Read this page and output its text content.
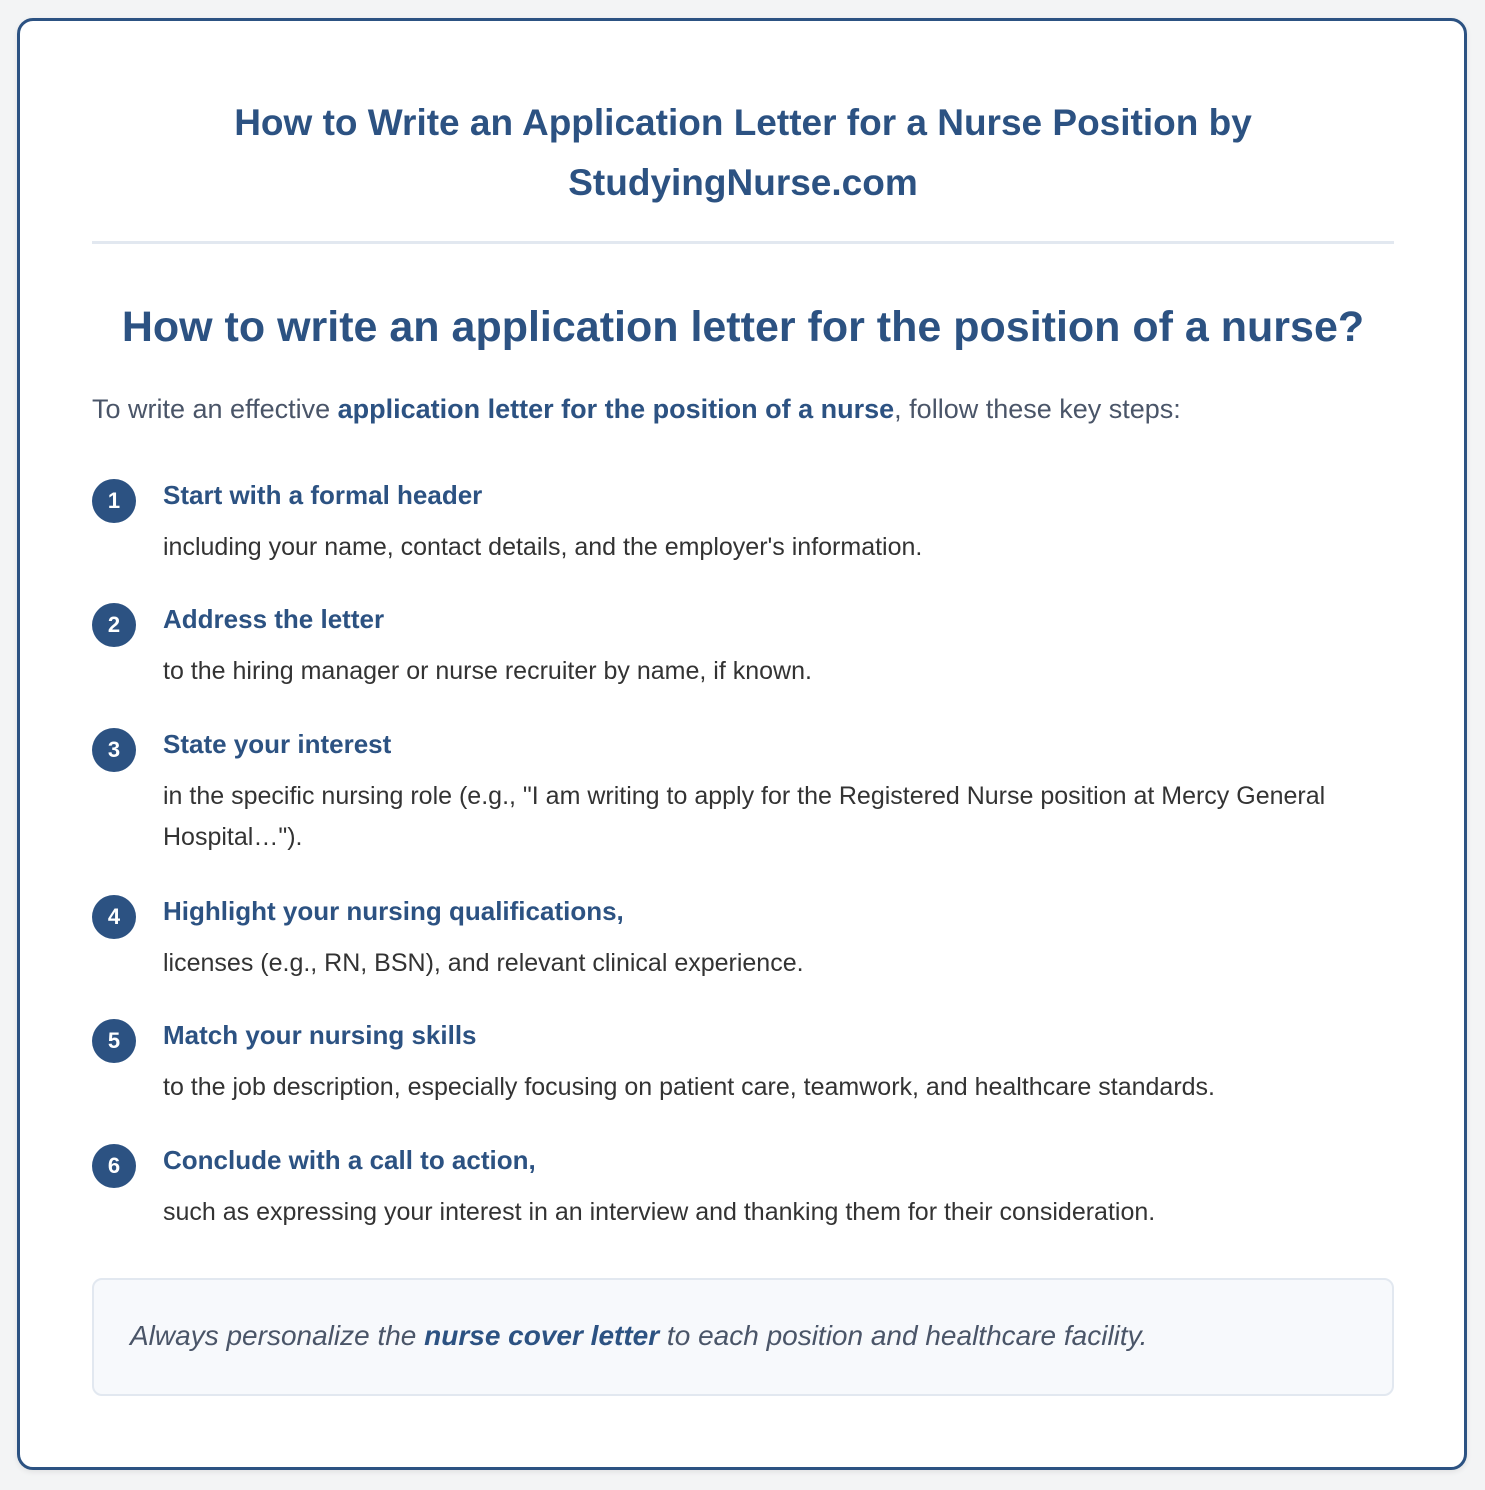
How to Write an Application Letter for a Nurse Position by
StudyingNurse.com
How to write an application letter for the position of a nurse?

To write an effective application letter for the position of a nurse, follow these key steps:

1	Start with a formal header
including your name, contact details, and the employer's information.
2	Address the letter
to the hiring manager or nurse recruiter by name, if known.
3	State your interest
in the specific nursing role (e.g., "I am writing to apply for the Registered Nurse position at Mercy General Hospital…").
4	Highlight your nursing qualifications,
licenses (e.g., RN, BSN), and relevant clinical experience.
5	Match your nursing skills
to the job description, especially focusing on patient care, teamwork, and healthcare standards.
6	Conclude with a call to action,
such as expressing your interest in an interview and thanking them for their consideration.

Always personalize the nurse cover letter to each position and healthcare facility.
